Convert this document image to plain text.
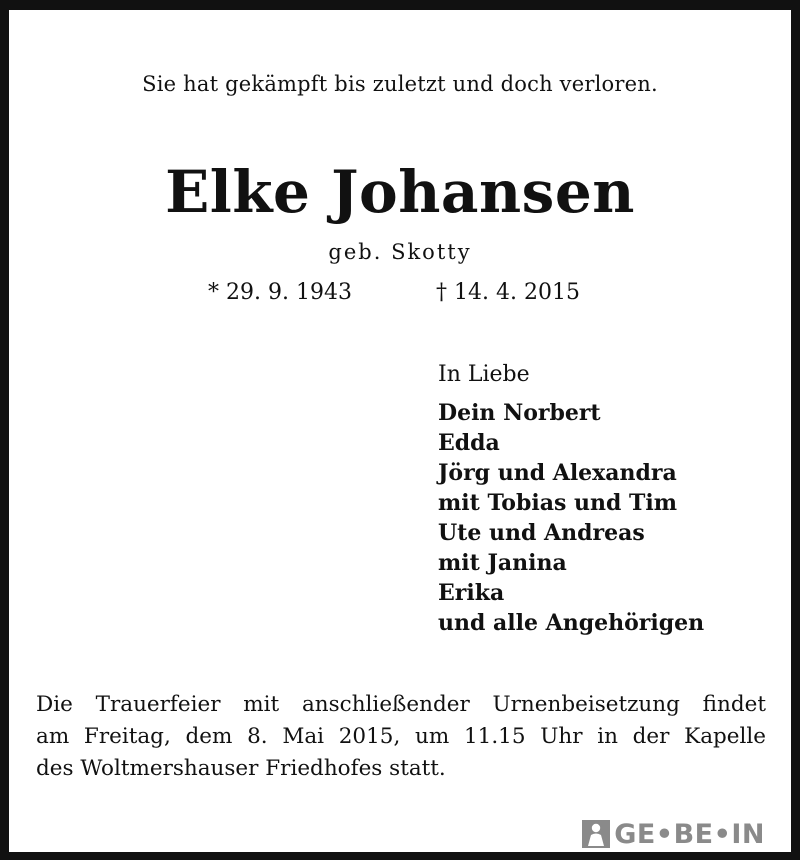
Sie hat gekämpft bis zuletzt und doch verloren.
Elke Johansen
geb. Skotty
* 29. 9. 1943	† 14. 4. 2015
In Liebe
Dein Norbert
Edda
Jörg und Alexandra
mit Tobias und Tim
Ute und Andreas
mit Janina
Erika
und alle Angehörigen
Die Trauerfeier mit anschließender Urnenbeisetzung findet
am Freitag, dem 8. Mai 2015, um 11.15 Uhr in der Kapelle
des Woltmershauser Friedhofes statt.
GE•BE•IN
